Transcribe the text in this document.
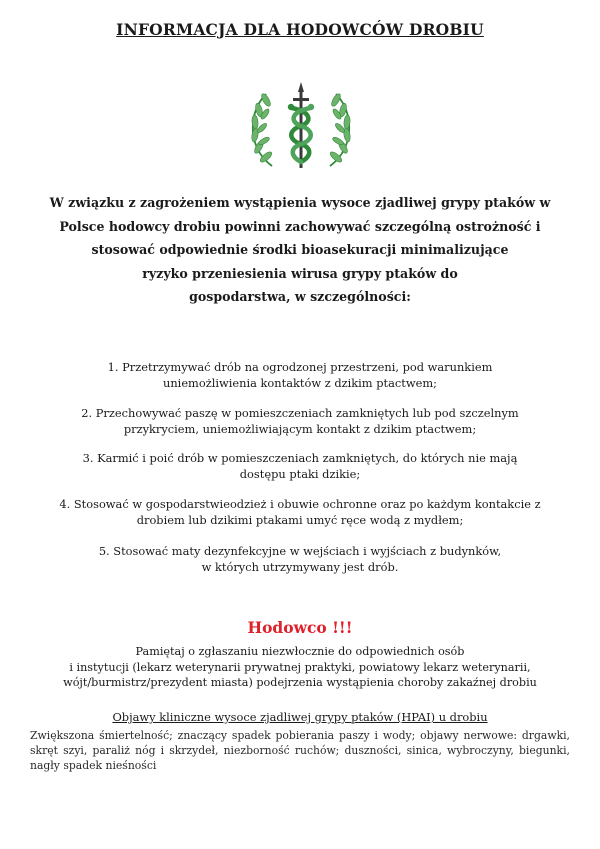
INFORMACJA DLA HODOWCÓW DROBIU
W związku z zagrożeniem wystąpienia wysoce zjadliwej grypy ptaków w
Polsce hodowcy drobiu powinni zachowywać szczególną ostrożność i
stosować odpowiednie środki bioasekuracji minimalizujące
ryzyko przeniesienia wirusa grypy ptaków do
gospodarstwa, w szczególności:
1. Przetrzymywać drób na ogrodzonej przestrzeni, pod warunkiem
uniemożliwienia kontaktów z dzikim ptactwem;
2. Przechowywać paszę w pomieszczeniach zamkniętych lub pod szczelnym
przykryciem, uniemożliwiającym kontakt z dzikim ptactwem;
3. Karmić i poić drób w pomieszczeniach zamkniętych, do których nie mają
dostępu ptaki dzikie;
4. Stosować w gospodarstwieodzież i obuwie ochronne oraz po każdym kontakcie z
drobiem lub dzikimi ptakami umyć ręce wodą z mydłem;
5. Stosować maty dezynfekcyjne w wejściach i wyjściach z budynków,
w których utrzymywany jest drób.
Hodowco !!!
Pamiętaj o zgłaszaniu niezwłocznie do odpowiednich osób
i instytucji (lekarz weterynarii prywatnej praktyki, powiatowy lekarz weterynarii,
wójt/burmistrz/prezydent miasta) podejrzenia wystąpienia choroby zakaźnej drobiu
Objawy kliniczne wysoce zjadliwej grypy ptaków (HPAI) u drobiu
Zwiększona śmiertelność; znaczący spadek pobierania paszy i wody; objawy nerwowe: drgawki, skręt szyi, paraliż nóg i skrzydeł, niezborność ruchów; duszności, sinica, wybroczyny, biegunki, nagły spadek nieśności
